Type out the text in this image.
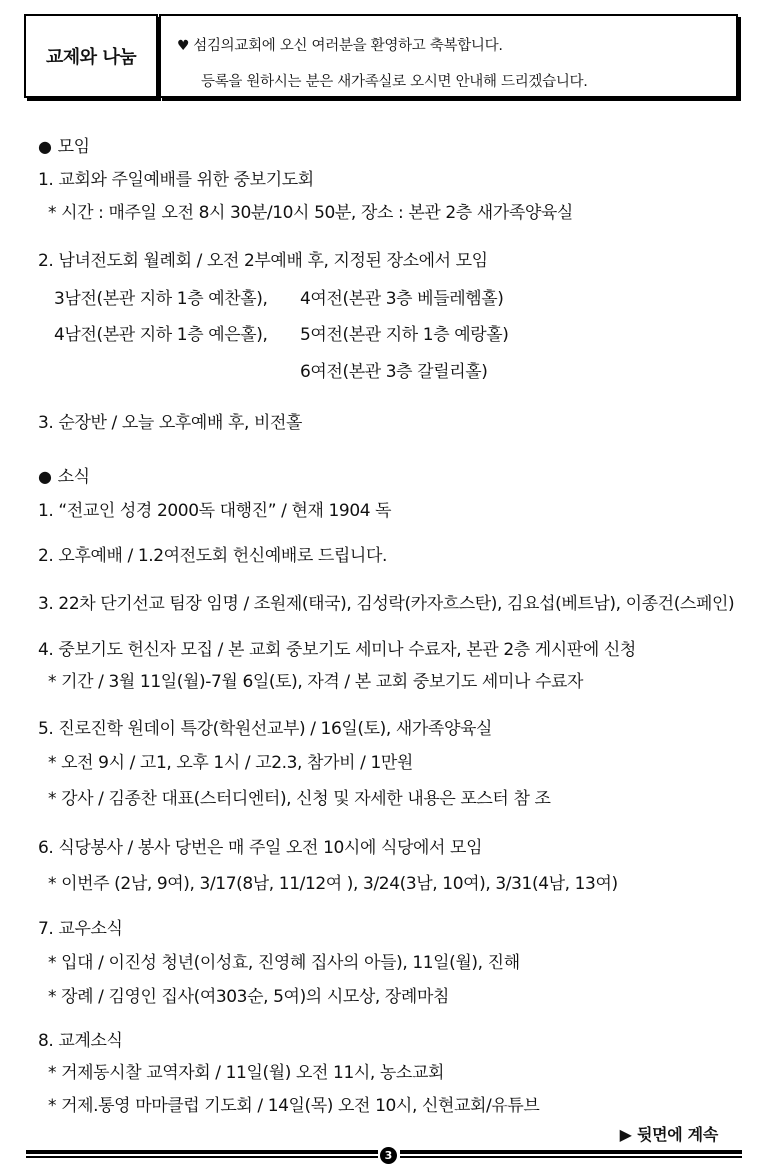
교제와 나눔
♥ 섬김의교회에 오신 여러분을 환영하고 축복합니다.
등록을 원하시는 분은 새가족실로 오시면 안내해 드리겠습니다.
● 모임
1. 교회와 주일예배를 위한 중보기도회
* 시간 : 매주일 오전 8시 30분/10시 50분, 장소 : 본관 2층 새가족양육실
2. 남녀전도회 월례회 / 오전 2부예배 후, 지정된 장소에서 모임
3남전(본관 지하 1층 예찬홀), 4여전(본관 3층 베들레헴홀)
4남전(본관 지하 1층 예은홀), 5여전(본관 지하 1층 예랑홀)
6여전(본관 3층 갈릴리홀)
3. 순장반 / 오늘 오후예배 후, 비전홀
● 소식
1. “전교인 성경 2000독 대행진” / 현재 1904 독
2. 오후예배 / 1.2여전도회 헌신예배로 드립니다.
3. 22차 단기선교 팀장 임명 / 조원제(태국), 김성락(카자흐스탄), 김요섭(베트남), 이종건(스페인)
4. 중보기도 헌신자 모집 / 본 교회 중보기도 세미나 수료자, 본관 2층 게시판에 신청
* 기간 / 3월 11일(월)-7월 6일(토), 자격 / 본 교회 중보기도 세미나 수료자
5. 진로진학 원데이 특강(학원선교부) / 16일(토), 새가족양육실
* 오전 9시 / 고1, 오후 1시 / 고2.3, 참가비 / 1만원
* 강사 / 김종찬 대표(스터디엔터), 신청 및 자세한 내용은 포스터 참 조
6. 식당봉사 / 봉사 당번은 매 주일 오전 10시에 식당에서 모임
* 이번주 (2남, 9여), 3/17(8남, 11/12여 ), 3/24(3남, 10여), 3/31(4남, 13여)
7. 교우소식
* 입대 / 이진성 청년(이성효, 진영혜 집사의 아들), 11일(월), 진해
* 장례 / 김영인 집사(여303순, 5여)의 시모상, 장례마침
8. 교계소식
* 거제동시찰 교역자회 / 11일(월) 오전 11시, 농소교회
* 거제.통영 마마클럽 기도회 / 14일(목) 오전 10시, 신현교회/유튜브
▶ 뒷면에 계속
3
